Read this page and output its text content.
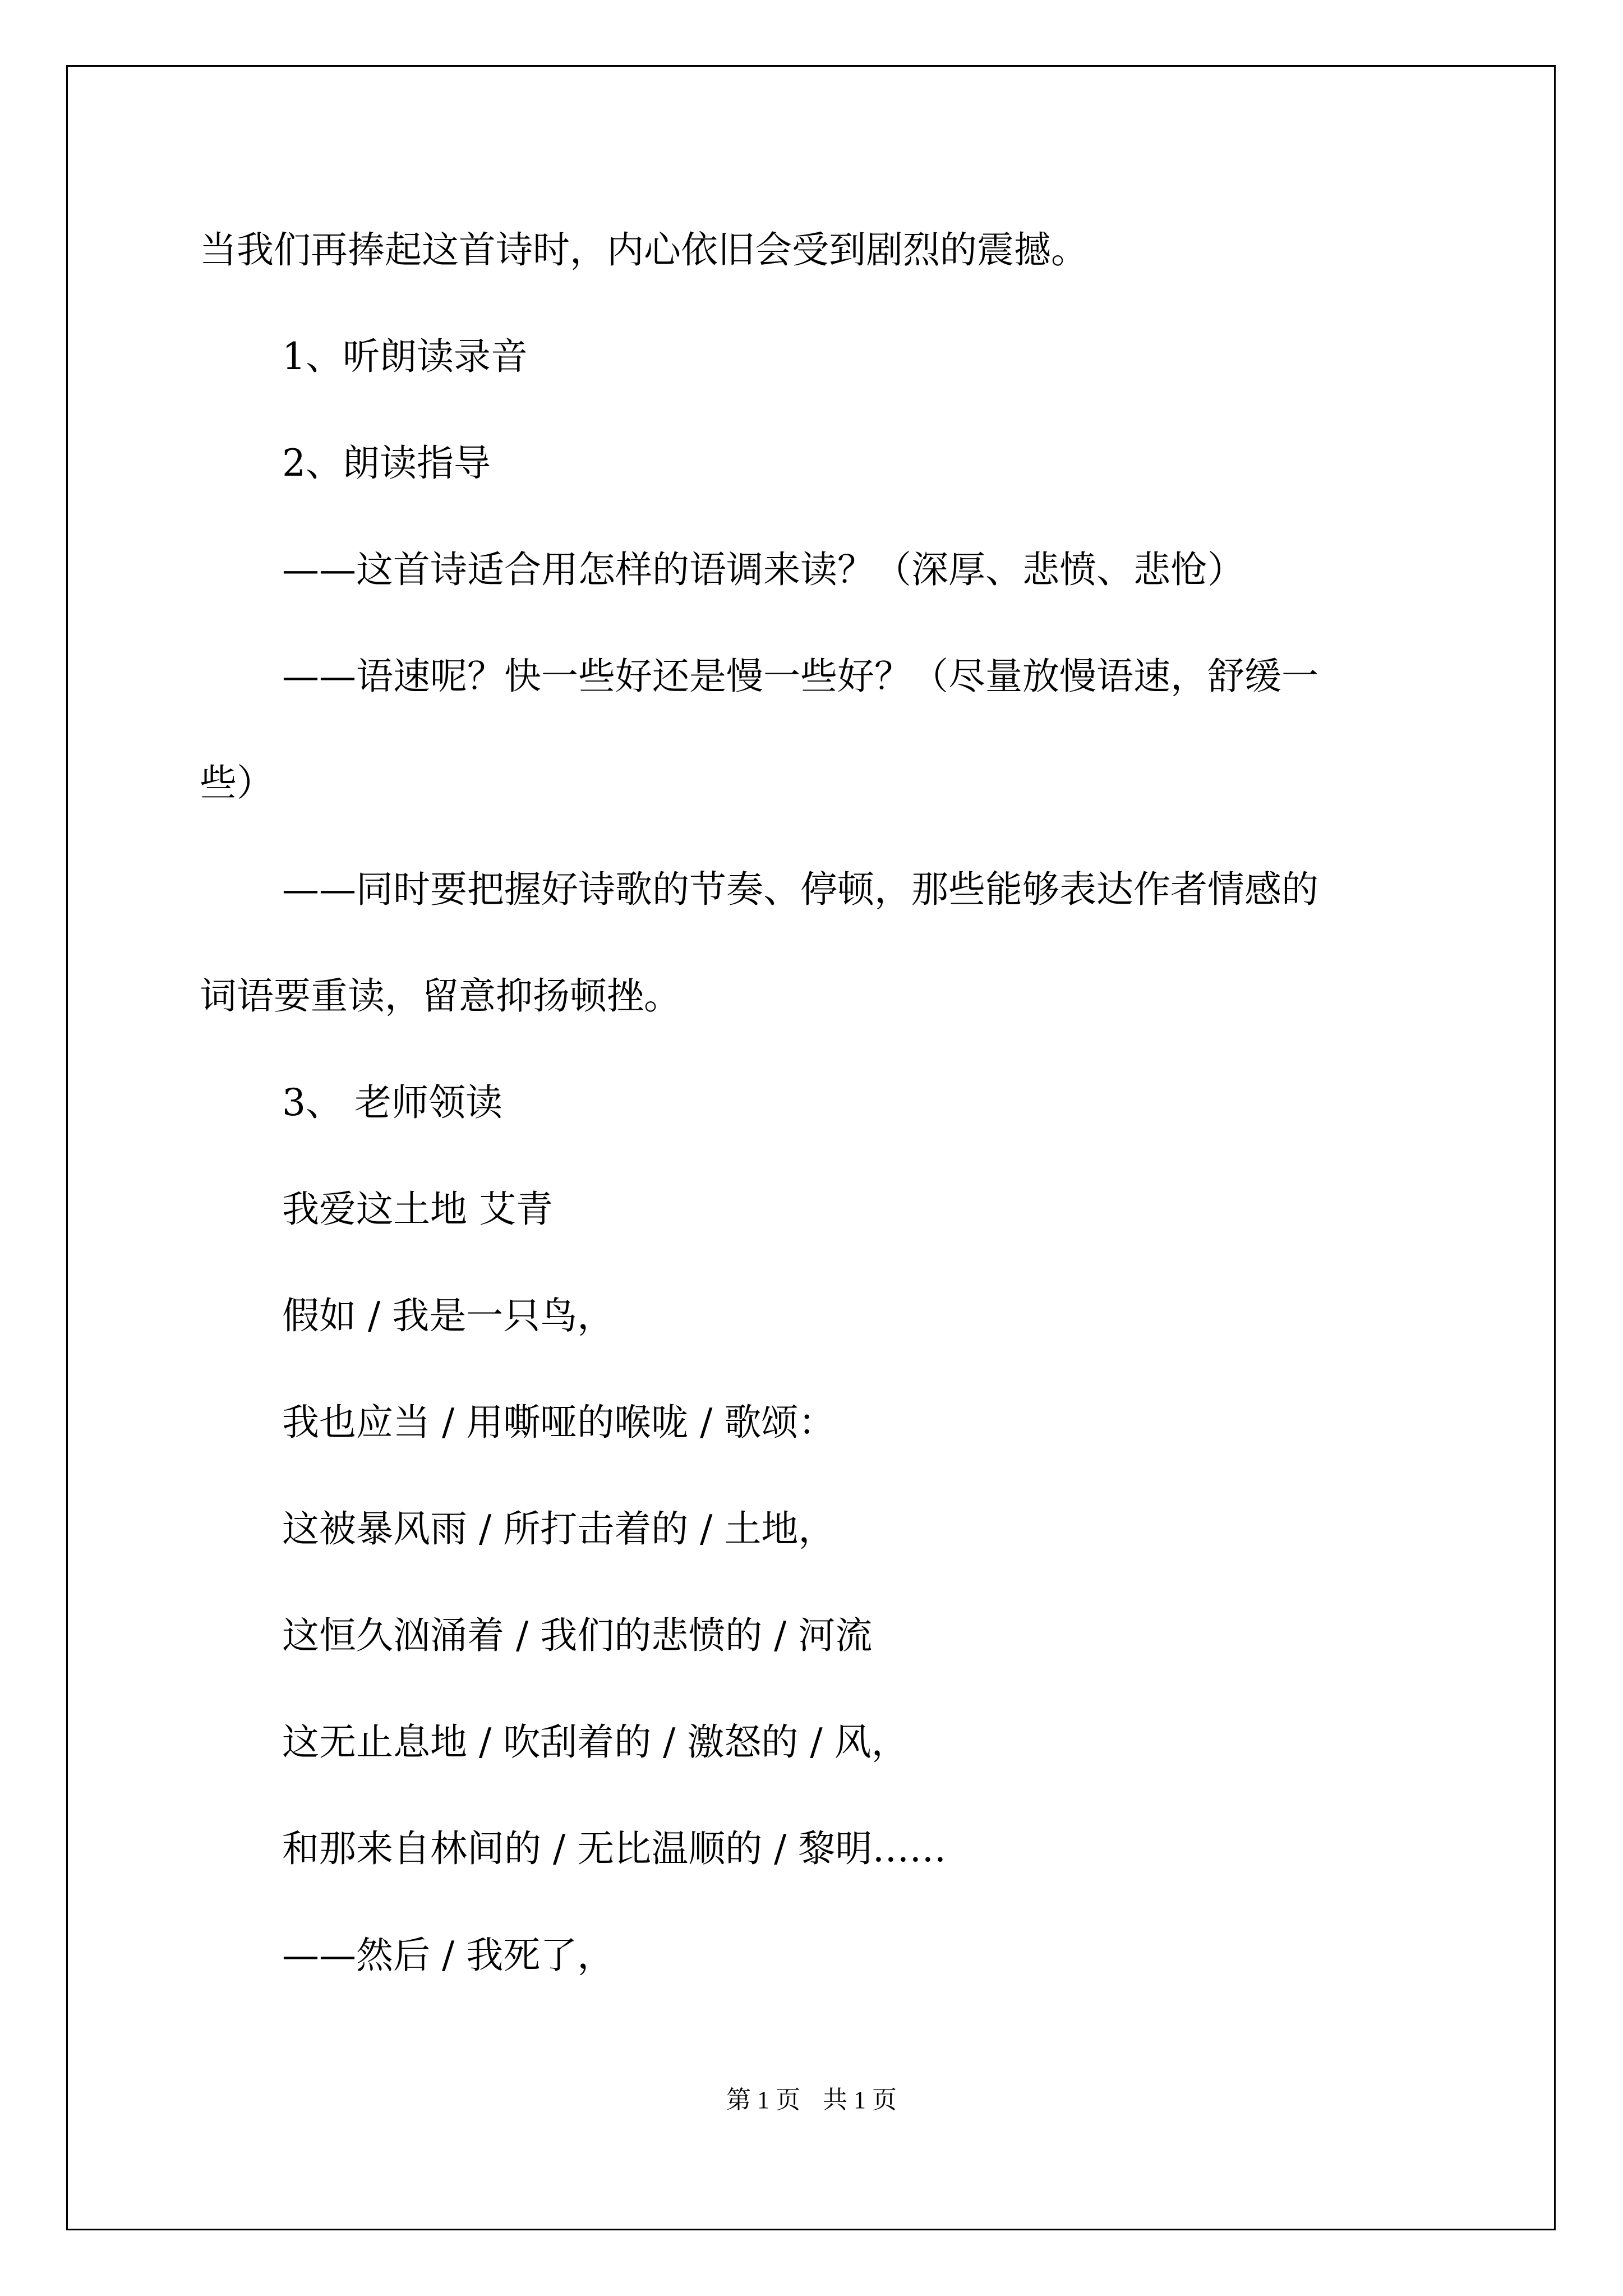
当我们再捧起这首诗时，内心依旧会受到剧烈的震撼。
1、听朗读录音
2、朗读指导
——这首诗适合用怎样的语调来读？（深厚、悲愤、悲怆）
——语速呢？快一些好还是慢一些好？（尽量放慢语速，舒缓一
些）
——同时要把握好诗歌的节奏、停顿，那些能够表达作者情感的
词语要重读，留意抑扬顿挫。
3、 老师领读
我爱这土地 艾青
假如 / 我是一只鸟，
我也应当 / 用嘶哑的喉咙 / 歌颂：
这被暴风雨 / 所打击着的 / 土地，
这恒久汹涌着 / 我们的悲愤的 / 河流
这无止息地 / 吹刮着的 / 激怒的 / 风，
和那来自林间的 / 无比温顺的 / 黎明……
——然后 / 我死了，
第 1 页 共 1 页
